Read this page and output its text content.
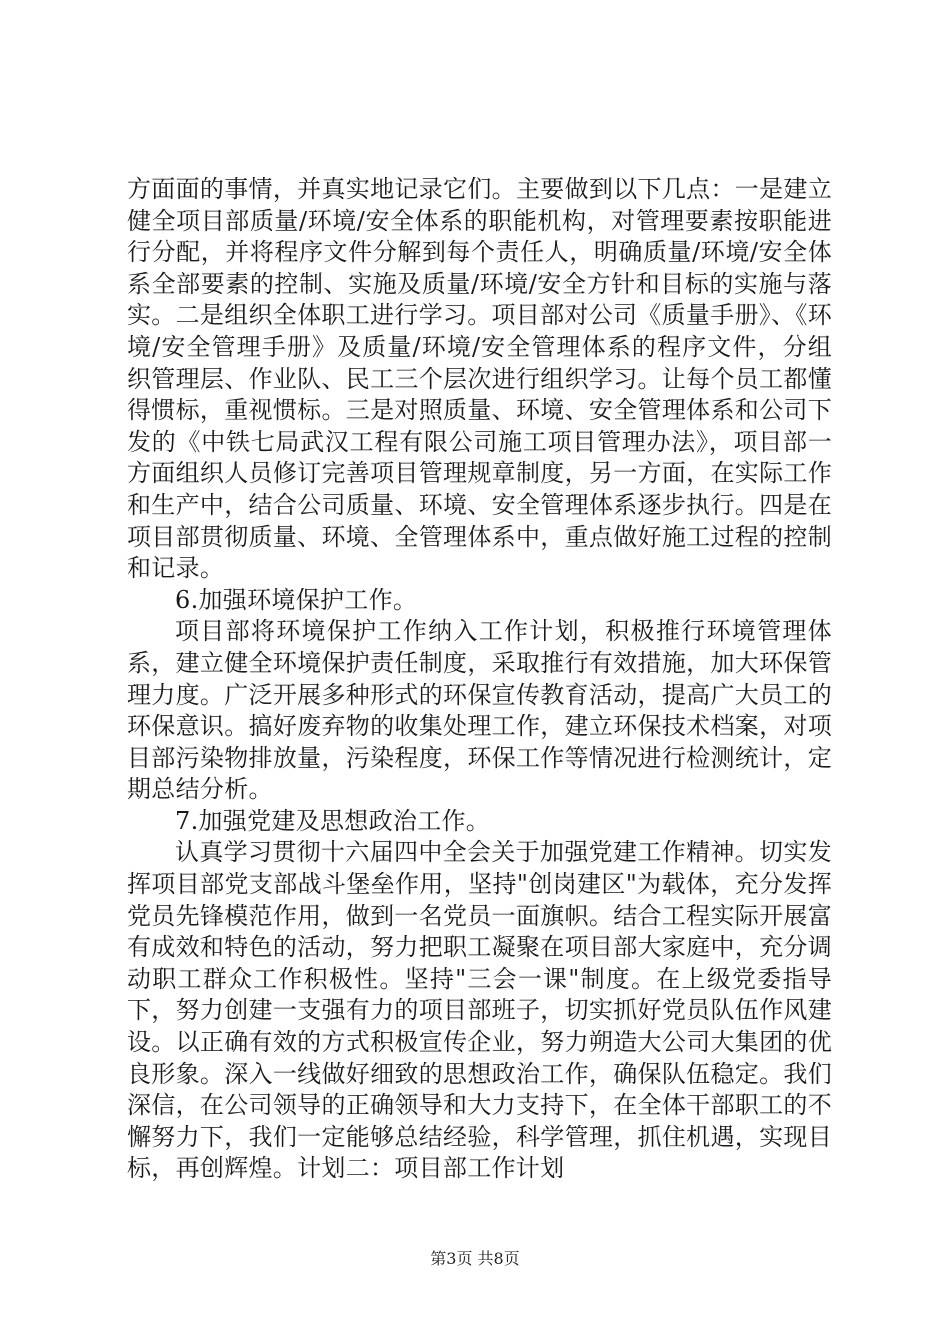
方面面的事情，并真实地记录它们。主要做到以下几点：一是建立健全项目部质量/环境/安全体系的职能机构，对管理要素按职能进行分配，并将程序文件分解到每个责任人，明确质量/环境/安全体系全部要素的控制、实施及质量/环境/安全方针和目标的实施与落实。二是组织全体职工进行学习。项目部对公司《质量手册》、《环境/安全管理手册》及质量/环境/安全管理体系的程序文件，分组织管理层、作业队、民工三个层次进行组织学习。让每个员工都懂得惯标，重视惯标。三是对照质量、环境、安全管理体系和公司下发的《中铁七局武汉工程有限公司施工项目管理办法》，项目部一方面组织人员修订完善项目管理规章制度，另一方面，在实际工作和生产中，结合公司质量、环境、安全管理体系逐步执行。四是在项目部贯彻质量、环境、全管理体系中，重点做好施工过程的控制和记录。

6.加强环境保护工作。

项目部将环境保护工作纳入工作计划，积极推行环境管理体系，建立健全环境保护责任制度，采取推行有效措施，加大环保管理力度。广泛开展多种形式的环保宣传教育活动，提高广大员工的环保意识。搞好废弃物的收集处理工作，建立环保技术档案，对项目部污染物排放量，污染程度，环保工作等情况进行检测统计，定期总结分析。

7.加强党建及思想政治工作。

认真学习贯彻十六届四中全会关于加强党建工作精神。切实发挥项目部党支部战斗堡垒作用，坚持"创岗建区"为载体，充分发挥党员先锋模范作用，做到一名党员一面旗帜。结合工程实际开展富有成效和特色的活动，努力把职工凝聚在项目部大家庭中，充分调动职工群众工作积极性。坚持"三会一课"制度。在上级党委指导下，努力创建一支强有力的项目部班子，切实抓好党员队伍作风建设。以正确有效的方式积极宣传企业，努力朔造大公司大集团的优良形象。深入一线做好细致的思想政治工作，确保队伍稳定。我们深信，在公司领导的正确领导和大力支持下，在全体干部职工的不懈努力下，我们一定能够总结经验，科学管理，抓住机遇，实现目标，再创辉煌。计划二：项目部工作计划

第3页 共8页
